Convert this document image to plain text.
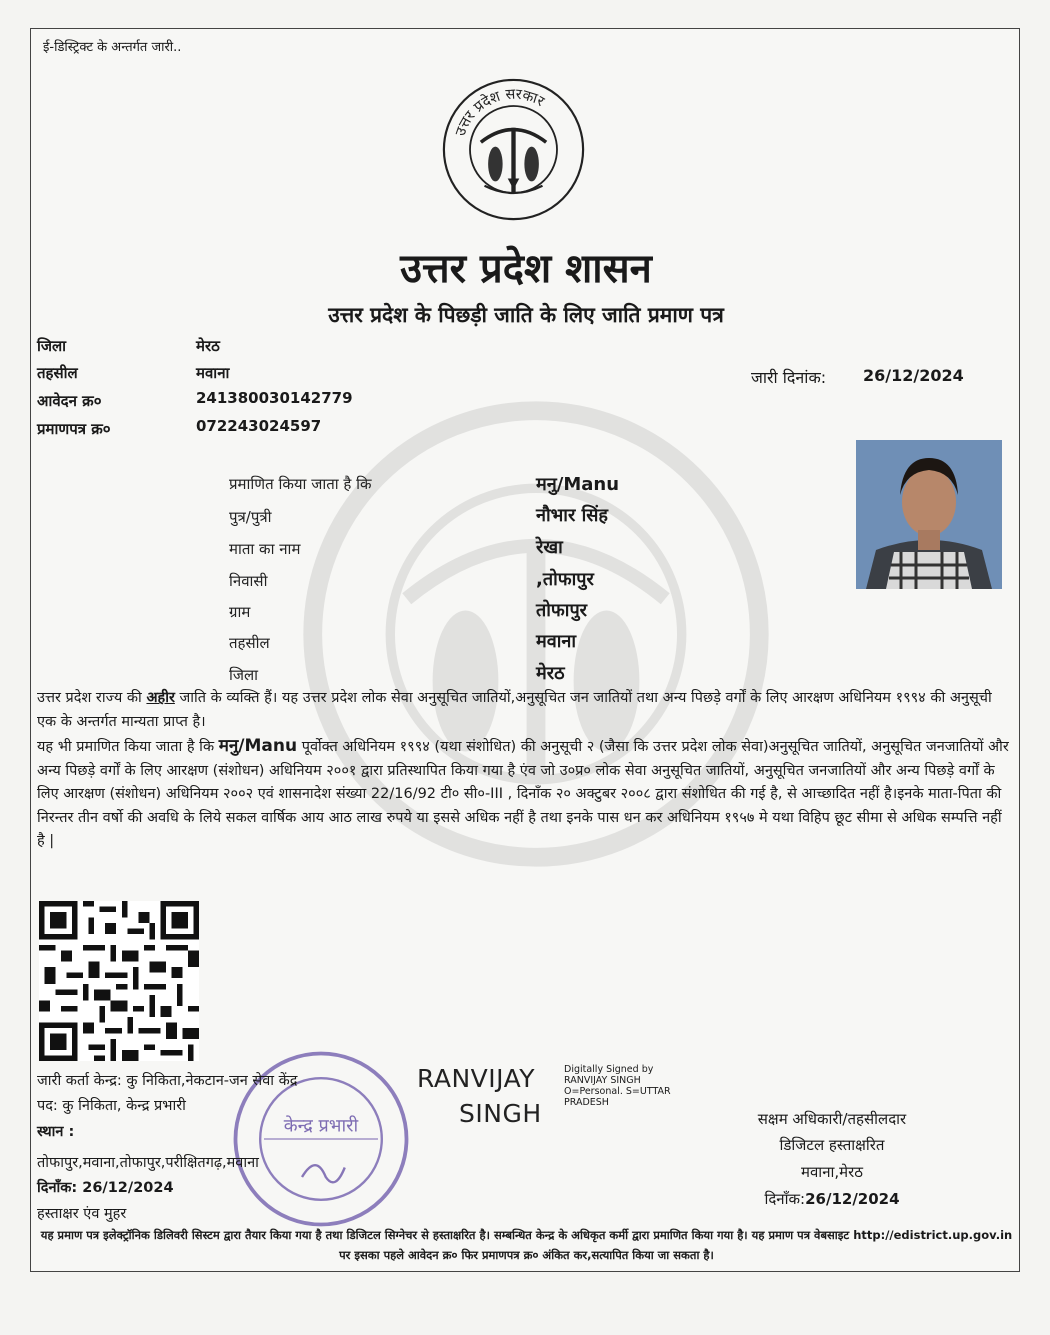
ई-डिस्ट्रिक्ट के अन्तर्गत जारी..
उत्तर प्रदेश सरकार
उत्तर प्रदेश शासन
उत्तर प्रदेश के पिछड़ी जाति के लिए जाति प्रमाण पत्र
जिला	मेरठ
तहसील	मवाना
आवेदन क्र०	241380030142779
प्रमाणपत्र क्र०	072243024597
जारी दिनांक: 26/12/2024
प्रमाणित किया जाता है कि	मनु/Manu
पुत्र/पुत्री	नौभार सिंह
माता का नाम	रेखा
निवासी	,तोफापुर
ग्राम	तोफापुर
तहसील	मवाना
जिला	मेरठ
उत्तर प्रदेश राज्य की अहीर जाति के व्यक्ति हैं। यह उत्तर प्रदेश लोक सेवा अनुसूचित जातियों,अनुसूचित जन जातियों तथा अन्य पिछड़े वर्गों के लिए आरक्षण अधिनियम १९९४ की अनुसूची एक के अन्तर्गत मान्यता प्राप्त है।
यह भी प्रमाणित किया जाता है कि मनु/Manu पूर्वोक्त अधिनियम १९९४ (यथा संशोधित) की अनुसूची २ (जैसा कि उत्तर प्रदेश लोक सेवा)अनुसूचित जातियों, अनुसूचित जनजातियों और अन्य पिछड़े वर्गों के लिए आरक्षण (संशोधन) अधिनियम २००१ द्वारा प्रतिस्थापित किया गया है एंव जो उ०प्र० लोक सेवा अनुसूचित जातियों, अनुसूचित जनजातियों और अन्य पिछड़े वर्गों के लिए आरक्षण (संशोधन) अधिनियम २००२ एवं शासनादेश संख्या 22/16/92 टी० सी०-III , दिनाँक २० अक्टुबर २००८ द्वारा संशोधित की गई है, से आच्छादित नहीं है।इनके माता-पिता की निरन्तर तीन वर्षो की अवधि के लिये सकल वार्षिक आय आठ लाख रुपये या इससे अधिक नहीं है तथा इनके पास धन कर अधिनियम १९५७ मे यथा विहिप छूट सीमा से अधिक सम्पत्ति नहीं है |
केन्द्र प्रभारी
जारी कर्ता केन्द्र: कु निकिता,नेकटान-जन सेवा केंद्र
पद: कु निकिता, केन्द्र प्रभारी
स्थान :
तोफापुर,मवाना,तोफापुर,परीक्षितगढ़,मवाना
दिनाँक: 26/12/2024
हस्ताक्षर एंव मुहर
RANVIJAY
SINGH
Digitally Signed by RANVIJAY SINGH O=Personal. S=UTTAR PRADESH
सक्षम अधिकारी/तहसीलदार
डिजिटल हस्ताक्षरित
मवाना,मेरठ
दिनाँक:26/12/2024
यह प्रमाण पत्र इलेक्ट्रॉनिक डिलिवरी सिस्टम द्वारा तैयार किया गया है तथा डिजिटल सिग्नेचर से हस्ताक्षरित है। सम्बन्धित केन्द्र के अधिकृत कर्मी द्वारा प्रमाणित किया गया है। यह प्रमाण पत्र वेबसाइट http://edistrict.up.gov.in पर इसका पहले आवेदन क्र० फिर प्रमाणपत्र क्र० अंकित कर,सत्यापित किया जा सकता है।
